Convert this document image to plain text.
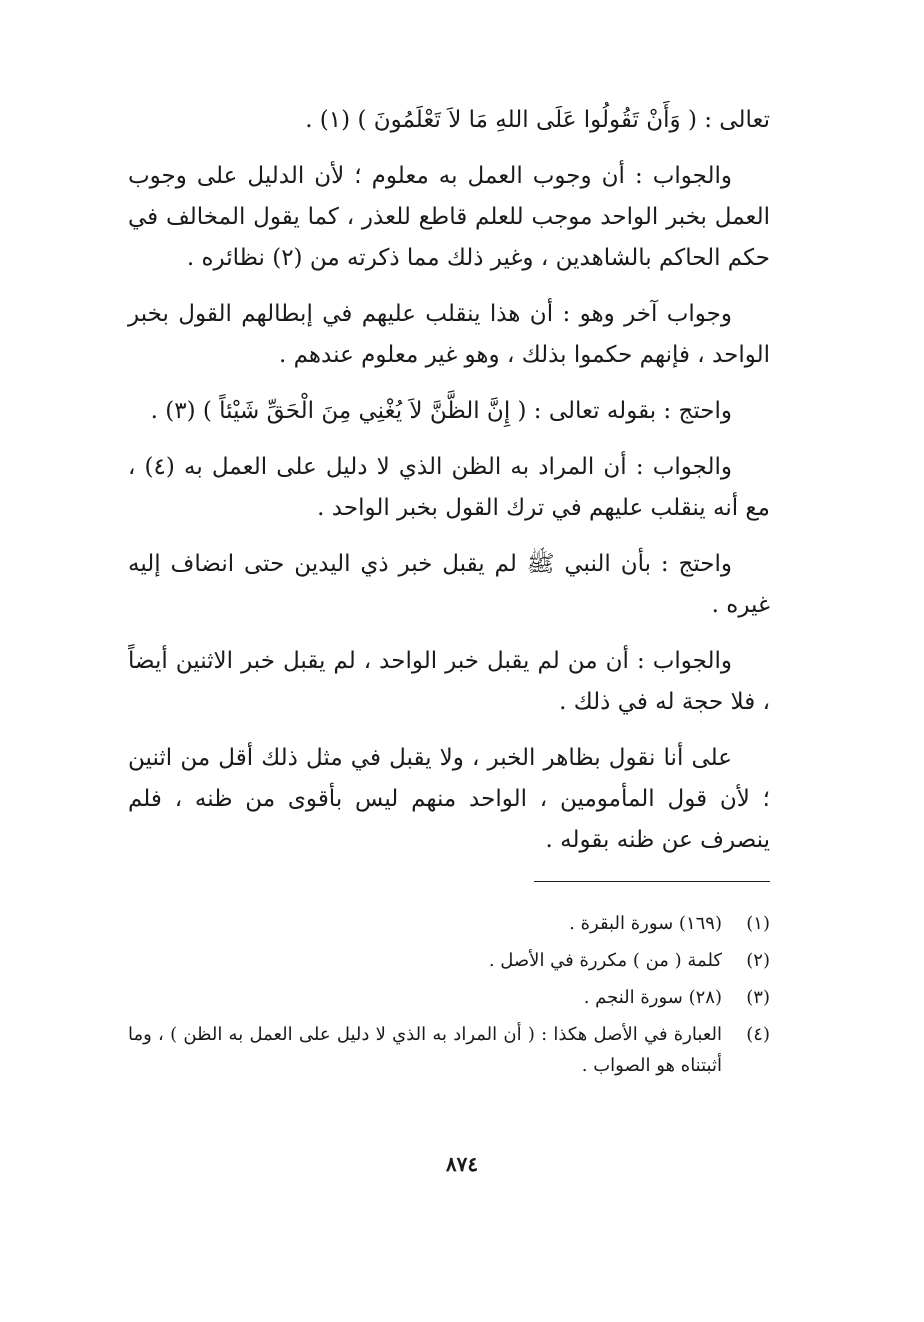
تعالى : ( وَأَنْ تَقُولُوا عَلَى اللهِ مَا لاَ تَعْلَمُونَ ) (١) .

والجواب : أن وجوب العمل به معلوم ؛ لأن الدليل على وجوب العمل بخبر الواحد موجب للعلم قاطع للعذر ، كما يقول المخالف في حكم الحاكم بالشاهدين ، وغير ذلك مما ذكرته من (٢) نظائره .

وجواب آخر وهو : أن هذا ينقلب عليهم في إبطالهم القول بخبر الواحد ، فإنهم حكموا بذلك ، وهو غير معلوم عندهم .

واحتج : بقوله تعالى : ( إِنَّ الظَّنَّ لاَ يُغْنِي مِنَ الْحَقِّ شَيْئاً ) (٣) .

والجواب : أن المراد به الظن الذي لا دليل على العمل به (٤) ، مع أنه ينقلب عليهم في ترك القول بخبر الواحد .

واحتج : بأن النبي ﷺ لم يقبل خبر ذي اليدين حتى انضاف إليه غيره .

والجواب : أن من لم يقبل خبر الواحد ، لم يقبل خبر الاثنين أيضاً ، فلا حجة له في ذلك .

على أنا نقول بظاهر الخبر ، ولا يقبل في مثل ذلك أقل من اثنين ؛ لأن قول المأمومين ، الواحد منهم ليس بأقوى من ظنه ، فلم ينصرف عن ظنه بقوله .

(١)
(١٦٩) سورة البقرة .
(٢)
كلمة ( من ) مكررة في الأصل .
(٣)
(٢٨) سورة النجم .
(٤)
العبارة في الأصل هكذا : ( أن المراد به الذي لا دليل على العمل به الظن ) ، وما أثبتناه هو الصواب .
٨٧٤
